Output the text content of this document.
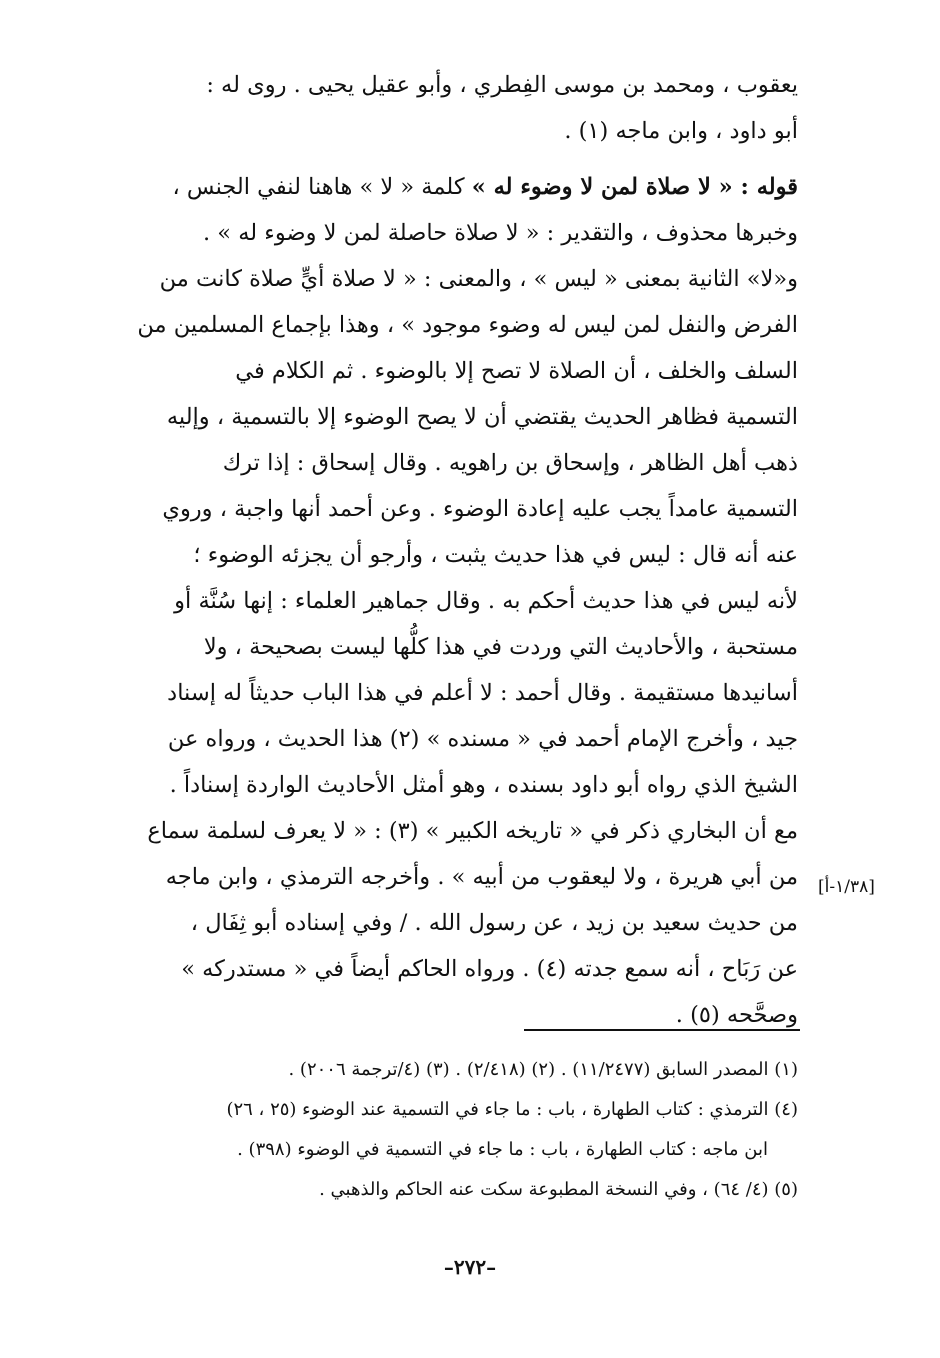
يعقوب ، ومحمد بن موسى الفِطري ، وأبو عقيل يحيى . روى له :
أبو داود ، وابن ماجه (١) .
قوله : « لا صلاة لمن لا وضوء له » كلمة « لا » هاهنا لنفي الجنس ،
وخبرها محذوف ، والتقدير : « لا صلاة حاصلة لمن لا وضوء له » .
و«لا» الثانية بمعنى « ليس » ، والمعنى : « لا صلاة أيٍّ صلاة كانت من
الفرض والنفل لمن ليس له وضوء موجود » ، وهذا بإجماع المسلمين من
السلف والخلف ، أن الصلاة لا تصح إلا بالوضوء . ثم الكلام في
التسمية فظاهر الحديث يقتضي أن لا يصح الوضوء إلا بالتسمية ، وإليه
ذهب أهل الظاهر ، وإسحاق بن راهويه . وقال إسحاق : إذا ترك
التسمية عامداً يجب عليه إعادة الوضوء . وعن أحمد أنها واجبة ، وروي
عنه أنه قال : ليس في هذا حديث يثبت ، وأرجو أن يجزئه الوضوء ؛
لأنه ليس في هذا حديث أحكم به . وقال جماهير العلماء : إنها سُنَّة أو
مستحبة ، والأحاديث التي وردت في هذا كلُّها ليست بصحيحة ، ولا
أسانيدها مستقيمة . وقال أحمد : لا أعلم في هذا الباب حديثاً له إسناد
جيد ، وأخرج الإمام أحمد في « مسنده » (٢) هذا الحديث ، ورواه عن
الشيخ الذي رواه أبو داود بسنده ، وهو أمثل الأحاديث الواردة إسناداً .
مع أن البخاري ذكر في « تاريخه الكبير » (٣) : « لا يعرف لسلمة سماع
من أبي هريرة ، ولا ليعقوب من أبيه » . وأخرجه الترمذي ، وابن ماجه
من حديث سعيد بن زيد ، عن رسول الله . / وفي إسناده أبو ثِفَال ،
عن رَبَاح ، أنه سمع جدته (٤) . ورواه الحاكم أيضاً في « مستدركه »
وصحَّحه (٥) .
[١/٣٨-أ]
(١) المصدر السابق (١١/٢٤٧٧) . (٢) (٢/٤١٨) . (٣) (٤/ترجمة ٢٠٠٦) .
(٤) الترمذي : كتاب الطهارة ، باب : ما جاء في التسمية عند الوضوء (٢٥ ، ٢٦)
ابن ماجه : كتاب الطهارة ، باب : ما جاء في التسمية في الوضوء (٣٩٨) .
(٥) (٤/ ٦٤) ، وفي النسخة المطبوعة سكت عنه الحاكم والذهبي .
–٢٧٢–
